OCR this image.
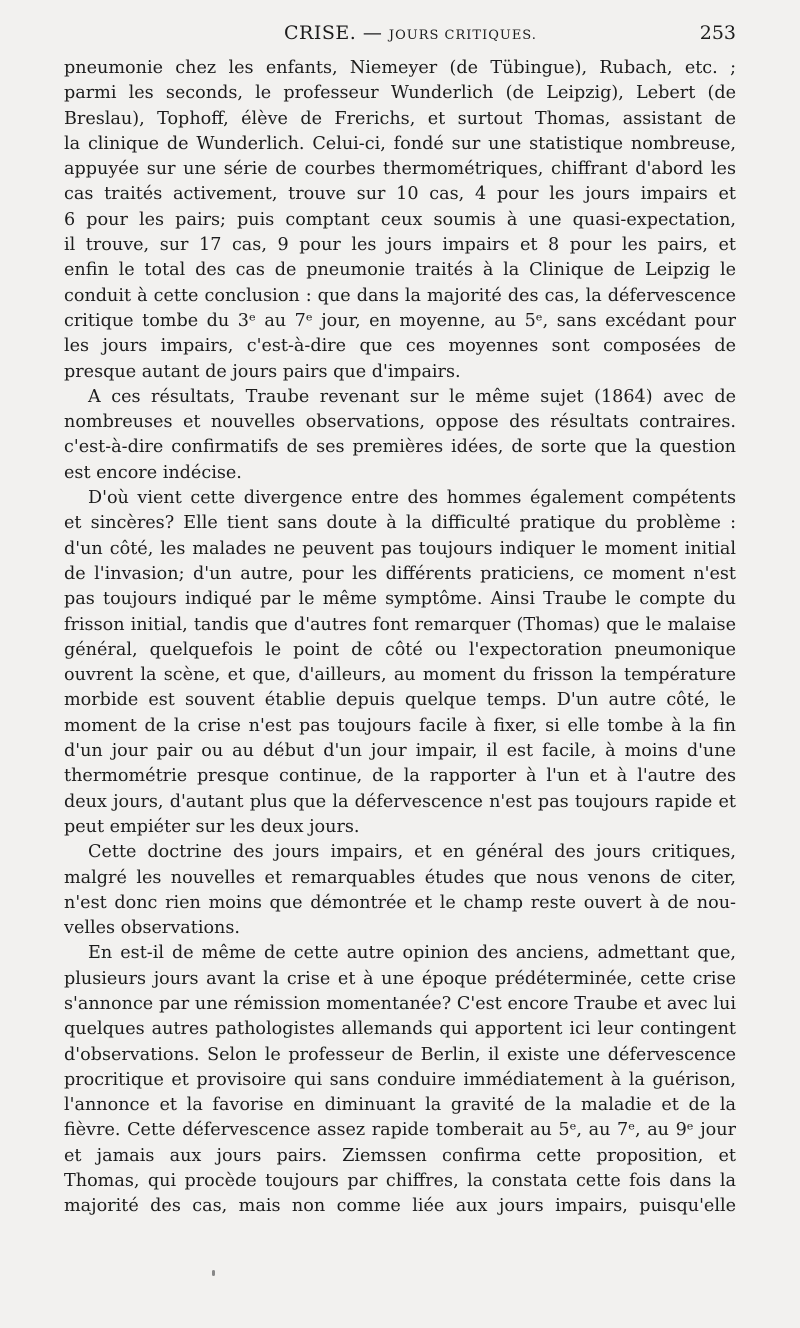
CRISE. — JOURS CRITIQUES.	253
pneumonie chez les enfants, Niemeyer (de Tübingue), Rubach, etc. ;
parmi les seconds, le professeur Wunderlich (de Leipzig), Lebert (de
Breslau), Tophoff, élève de Frerichs, et surtout Thomas, assistant de
la clinique de Wunderlich. Celui-ci, fondé sur une statistique nombreuse,
appuyée sur une série de courbes thermométriques, chiffrant d'abord les
cas traités activement, trouve sur 10 cas, 4 pour les jours impairs et
6 pour les pairs; puis comptant ceux soumis à une quasi-expectation,
il trouve, sur 17 cas, 9 pour les jours impairs et 8 pour les pairs, et
enfin le total des cas de pneumonie traités à la Clinique de Leipzig le
conduit à cette conclusion : que dans la majorité des cas, la défervescence
critique tombe du 3ᵉ au 7ᵉ jour, en moyenne, au 5ᵉ, sans excédant pour
les jours impairs, c'est-à-dire que ces moyennes sont composées de
presque autant de jours pairs que d'impairs.
A ces résultats, Traube revenant sur le même sujet (1864) avec de
nombreuses et nouvelles observations, oppose des résultats contraires.
c'est-à-dire confirmatifs de ses premières idées, de sorte que la question
est encore indécise.
D'où vient cette divergence entre des hommes également compétents
et sincères? Elle tient sans doute à la difficulté pratique du problème :
d'un côté, les malades ne peuvent pas toujours indiquer le moment initial
de l'invasion; d'un autre, pour les différents praticiens, ce moment n'est
pas toujours indiqué par le même symptôme. Ainsi Traube le compte du
frisson initial, tandis que d'autres font remarquer (Thomas) que le malaise
général, quelquefois le point de côté ou l'expectoration pneumonique
ouvrent la scène, et que, d'ailleurs, au moment du frisson la température
morbide est souvent établie depuis quelque temps. D'un autre côté, le
moment de la crise n'est pas toujours facile à fixer, si elle tombe à la fin
d'un jour pair ou au début d'un jour impair, il est facile, à moins d'une
thermométrie presque continue, de la rapporter à l'un et à l'autre des
deux jours, d'autant plus que la défervescence n'est pas toujours rapide et
peut empiéter sur les deux jours.
Cette doctrine des jours impairs, et en général des jours critiques,
malgré les nouvelles et remarquables études que nous venons de citer,
n'est donc rien moins que démontrée et le champ reste ouvert à de nou-
velles observations.
En est-il de même de cette autre opinion des anciens, admettant que,
plusieurs jours avant la crise et à une époque prédéterminée, cette crise
s'annonce par une rémission momentanée? C'est encore Traube et avec lui
quelques autres pathologistes allemands qui apportent ici leur contingent
d'observations. Selon le professeur de Berlin, il existe une défervescence
procritique et provisoire qui sans conduire immédiatement à la guérison,
l'annonce et la favorise en diminuant la gravité de la maladie et de la
fièvre. Cette défervescence assez rapide tomberait au 5ᵉ, au 7ᵉ, au 9ᵉ jour
et jamais aux jours pairs. Ziemssen confirma cette proposition, et
Thomas, qui procède toujours par chiffres, la constata cette fois dans la
majorité des cas, mais non comme liée aux jours impairs, puisqu'elle
